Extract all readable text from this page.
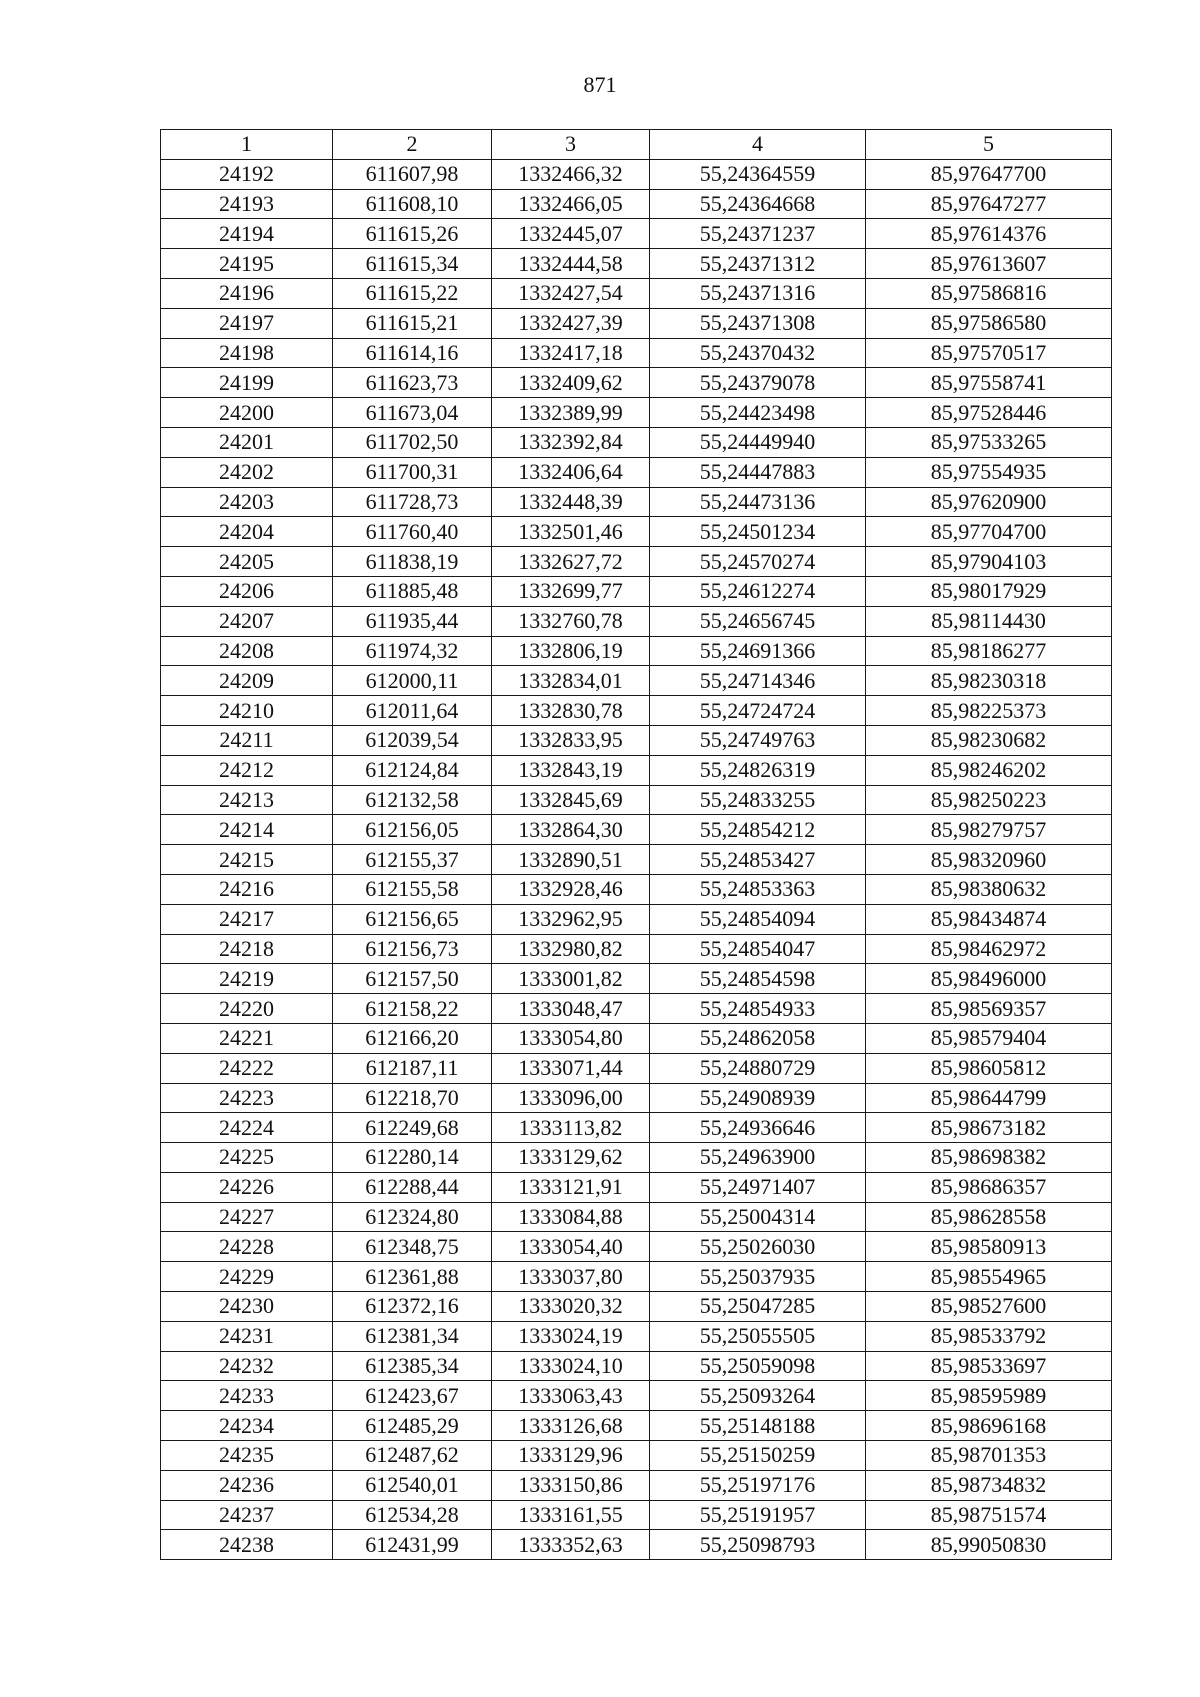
871
1	2	3	4	5
24192	611607,98	1332466,32	55,24364559	85,97647700
24193	611608,10	1332466,05	55,24364668	85,97647277
24194	611615,26	1332445,07	55,24371237	85,97614376
24195	611615,34	1332444,58	55,24371312	85,97613607
24196	611615,22	1332427,54	55,24371316	85,97586816
24197	611615,21	1332427,39	55,24371308	85,97586580
24198	611614,16	1332417,18	55,24370432	85,97570517
24199	611623,73	1332409,62	55,24379078	85,97558741
24200	611673,04	1332389,99	55,24423498	85,97528446
24201	611702,50	1332392,84	55,24449940	85,97533265
24202	611700,31	1332406,64	55,24447883	85,97554935
24203	611728,73	1332448,39	55,24473136	85,97620900
24204	611760,40	1332501,46	55,24501234	85,97704700
24205	611838,19	1332627,72	55,24570274	85,97904103
24206	611885,48	1332699,77	55,24612274	85,98017929
24207	611935,44	1332760,78	55,24656745	85,98114430
24208	611974,32	1332806,19	55,24691366	85,98186277
24209	612000,11	1332834,01	55,24714346	85,98230318
24210	612011,64	1332830,78	55,24724724	85,98225373
24211	612039,54	1332833,95	55,24749763	85,98230682
24212	612124,84	1332843,19	55,24826319	85,98246202
24213	612132,58	1332845,69	55,24833255	85,98250223
24214	612156,05	1332864,30	55,24854212	85,98279757
24215	612155,37	1332890,51	55,24853427	85,98320960
24216	612155,58	1332928,46	55,24853363	85,98380632
24217	612156,65	1332962,95	55,24854094	85,98434874
24218	612156,73	1332980,82	55,24854047	85,98462972
24219	612157,50	1333001,82	55,24854598	85,98496000
24220	612158,22	1333048,47	55,24854933	85,98569357
24221	612166,20	1333054,80	55,24862058	85,98579404
24222	612187,11	1333071,44	55,24880729	85,98605812
24223	612218,70	1333096,00	55,24908939	85,98644799
24224	612249,68	1333113,82	55,24936646	85,98673182
24225	612280,14	1333129,62	55,24963900	85,98698382
24226	612288,44	1333121,91	55,24971407	85,98686357
24227	612324,80	1333084,88	55,25004314	85,98628558
24228	612348,75	1333054,40	55,25026030	85,98580913
24229	612361,88	1333037,80	55,25037935	85,98554965
24230	612372,16	1333020,32	55,25047285	85,98527600
24231	612381,34	1333024,19	55,25055505	85,98533792
24232	612385,34	1333024,10	55,25059098	85,98533697
24233	612423,67	1333063,43	55,25093264	85,98595989
24234	612485,29	1333126,68	55,25148188	85,98696168
24235	612487,62	1333129,96	55,25150259	85,98701353
24236	612540,01	1333150,86	55,25197176	85,98734832
24237	612534,28	1333161,55	55,25191957	85,98751574
24238	612431,99	1333352,63	55,25098793	85,99050830
